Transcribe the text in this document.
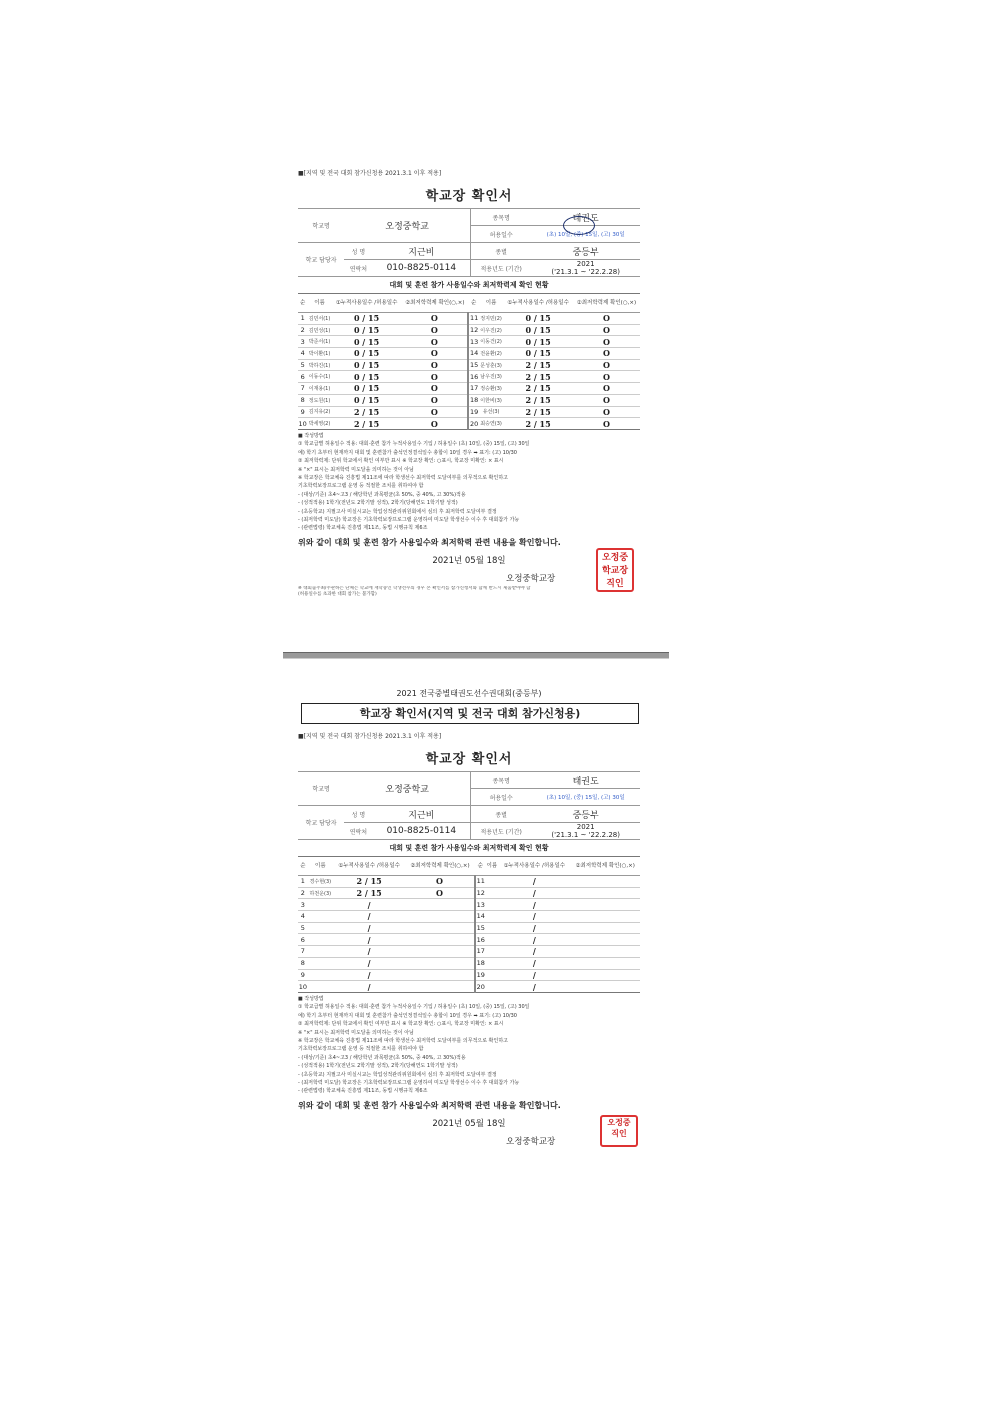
■[지역 및 전국 대회 참가신청용 2021.3.1 이후 적용]
학교장 확인서
학교명	오정중학교		종목명	태권도
			허용일수	(초) 10일, (중) 15일, (고) 30일
학교 담당자	성 명	지근비	종별	중등부
	연락처	010-8825-0114	적용년도 (기간)	2021
('21.3.1 ~ '22.2.28)
대회 및 훈련 참가 사용일수와 최저학력제 확인 현황
순	이름	①누적사용일수 /허용일수	②최저학력제 확인(○,×)	순	이름	①누적사용일수 /허용일수	②최저학력제 확인(○,×)
1	김민서(1)	0 / 15	O	11	정지민(2)	0 / 15	O
2	김민성(1)	0 / 15	O	12	이우진(2)	0 / 15	O
3	박준서(1)	0 / 15	O	13	이동건(2)	0 / 15	O
4	박이환(1)	0 / 15	O	14	전윤환(2)	0 / 15	O
5	박하진(1)	0 / 15	O	15	문성훈(3)	2 / 15	O
6	이동수(1)	0 / 15	O	16	남우진(3)	2 / 15	O
7	이재용(1)	0 / 15	O	17	정승환(3)	2 / 15	O
8	정도원(1)	0 / 15	O	18	이한비(3)	2 / 15	O
9	김지유(2)	2 / 15	O	19	유선(3)	2 / 15	O
10	박세영(2)	2 / 15	O	20	최승연(3)	2 / 15	O
■ 작성방법
① 학교급별 허용일수 적용: 대회·훈련 참가 누적사용일수 기입 / 허용일수 (초) 10일, (중) 15일, (고) 30일
예) 학기 초부터 현재까지 대회 및 훈련참가 출석인정결석일수 총합이 10일 경우 ➡ 표기: (고) 10/30
② 최저학력제: 단위 학교에서 확인 여부만 표시 ※ 학교장 확인: ○표시, 학교장 미확인: × 표시
※ "×" 표시는 최저학력 미도달을 의미하는 것이 아님
※ 학교장은 학교체육 진흥법 제11조에 따라 학생선수 최저학력 도달여부를 의무적으로 확인하고
기초학력보장프로그램 운영 등 적절한 조치를 취하여야 함
- (대상/기준) 초4~고3 / 해당학년 과목평균(초 50%, 중 40%, 고 30%)적용
- (성적적용) 1학기(전년도 2학기말 성적), 2학기(당해연도 1학기말 성적)
- (초등학교) 지필고사 미실시교는 학업성적관리위원회에서 심의 후 최저학력 도달여부 결정
- (최저학력 미도달) 학교장은 기초학력보장프로그램 운영하여 미도달 학생선수 이수 후 대회참가 가능
- (관련법령) 학교체육 진흥법 제11조, 동법 시행규칙 제6조
위와 같이 대회 및 훈련 참가 사용일수와 최저학력 관련 내용을 확인합니다.
2021년 05월 18일
오정중학교장
오정중
학교장
직인
※ 대회출주최/주관하는 단체는 학교에 재학중인 학생선수의 경우 본 확인서를 참가신청서와 함께 반드시 제출받아야 함
(허용일수를 초과한 대회 참가는 불가함)
2021 전국중별태권도선수권대회(중등부)
학교장 확인서(지역 및 전국 대회 참가신청용)
■[지역 및 전국 대회 참가신청용 2021.3.1 이후 적용]
학교장 확인서
학교명	오정중학교		종목명	태권도
			허용일수	(초) 10일, (중) 15일, (고) 30일
학교 담당자	성 명	지근비	종별	중등부
	연락처	010-8825-0114	적용년도 (기간)	2021
('21.3.1 ~ '22.2.28)
대회 및 훈련 참가 사용일수와 최저학력제 확인 현황
순	이름	①누적사용일수 /허용일수	②최저학력제 확인(○,×)	순	이름	①누적사용일수 /허용일수	②최저학력제 확인(○,×)
1	경수현(3)	2 / 15	O	11		/	
2	하천운(3)	2 / 15	O	12		/	
3		/		13		/	
4		/		14		/	
5		/		15		/	
6		/		16		/	
7		/		17		/	
8		/		18		/	
9		/		19		/	
10		/		20		/	
■ 작성방법
① 학교급별 허용일수 적용: 대회·훈련 참가 누적사용일수 기입 / 허용일수 (초) 10일, (중) 15일, (고) 30일
예) 학기 초부터 현재까지 대회 및 훈련참가 출석인정결석일수 총합이 10일 경우 ➡ 표기: (고) 10/30
② 최저학력제: 단위 학교에서 확인 여부만 표시 ※ 학교장 확인: ○표시, 학교장 미확인: × 표시
※ "×" 표시는 최저학력 미도달을 의미하는 것이 아님
※ 학교장은 학교체육 진흥법 제11조에 따라 학생선수 최저학력 도달여부를 의무적으로 확인하고
기초학력보장프로그램 운영 등 적절한 조치를 취하여야 함
- (대상/기준) 초4~고3 / 해당학년 과목평균(초 50%, 중 40%, 고 30%)적용
- (성적적용) 1학기(전년도 2학기말 성적), 2학기(당해연도 1학기말 성적)
- (초등학교) 지필고사 미실시교는 학업성적관리위원회에서 심의 후 최저학력 도달여부 결정
- (최저학력 미도달) 학교장은 기초학력보장프로그램 운영하여 미도달 학생선수 이수 후 대회참가 가능
- (관련법령) 학교체육 진흥법 제11조, 동법 시행규칙 제6조
위와 같이 대회 및 훈련 참가 사용일수와 최저학력 관련 내용을 확인합니다.
2021년 05월 18일
오정중학교장
오정중
직인
